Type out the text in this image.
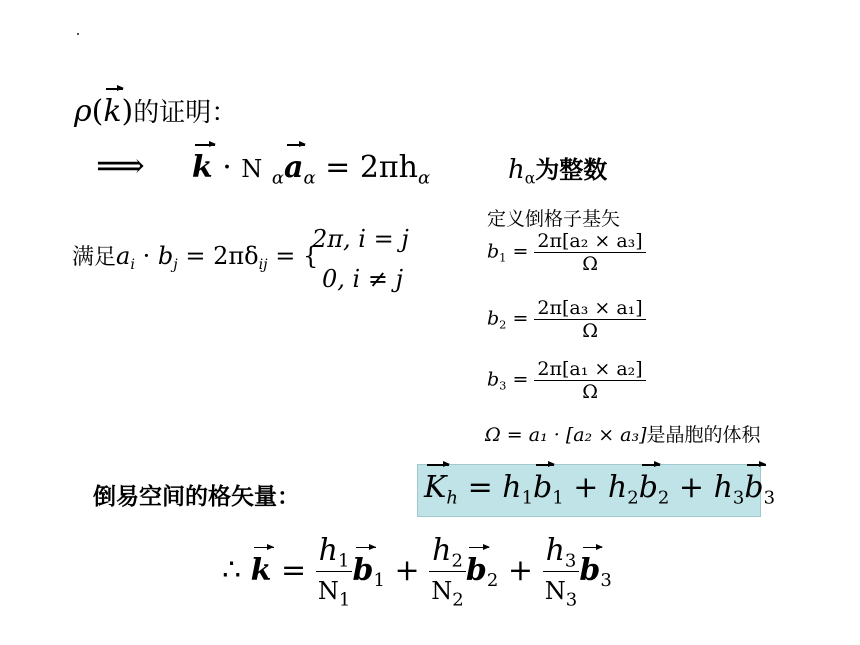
ρ(k)的证明：
⟹ k · N $_\alpha a_\alpha = 2\pi h_\alpha$	$h_\alpha$为整数
定义倒格子基矢
$b_1 = \frac{\text{2π[a₂ × a₃]}}{\Omega}$
$b_2 = \frac{\text{2π[a₃ × a₁]}}{\Omega}$
$b_3 = \frac{\text{2π[a₁ × a₂]}}{\Omega}$
Ω = a₁ · [a₂ × a₃]是晶胞的体积
满足$a_i \cdot b_j = 2\pi\delta_{ij}$ = {
2π, i = j
0, i ≠ j
倒易空间的格矢量：	$K_h = h_1b_1 + h_2b_2 + h_3b_3$
∴ $k = \frac{h_1}{N_1} b_1 + \frac{h_2}{N_2} b_2 + \frac{h_3}{N_3} b_3$
